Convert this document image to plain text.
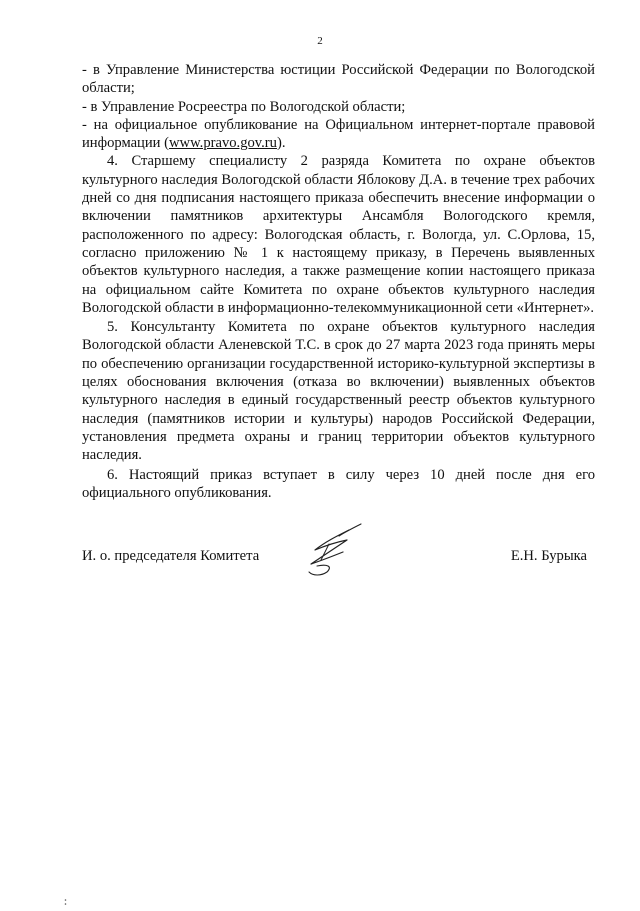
2

- в Управление Министерства юстиции Российской Федерации по Вологодской области;

- в Управление Росреестра по Вологодской области;

- на официальное опубликование на Официальном интернет-портале правовой информации (www.pravo.gov.ru).

4. Старшему специалисту 2 разряда Комитета по охране объектов культурного наследия Вологодской области Яблокову Д.А. в течение трех рабочих дней со дня подписания настоящего приказа обеспечить внесение информации о включении памятников архитектуры Ансамбля Вологодского кремля, расположенного по адресу: Вологодская область, г. Вологда, ул. С.Орлова, 15, согласно приложению № 1 к настоящему приказу, в Перечень выявленных объектов культурного наследия, а также размещение копии настоящего приказа на официальном сайте Комитета по охране объектов культурного наследия Вологодской области в информационно-телекоммуникационной сети «Интернет».

5. Консультанту Комитета по охране объектов культурного наследия Вологодской области Аленевской Т.С. в срок до 27 марта 2023 года принять меры по обеспечению организации государственной историко-культурной экспертизы в целях обоснования включения (отказа во включении) выявленных объектов культурного наследия в единый государственный реестр объектов культурного наследия (памятников истории и культуры) народов Российской Федерации, установления предмета охраны и границ территории объектов культурного наследия.

6. Настоящий приказ вступает в силу через 10 дней после дня его официального опубликования.

И. о. председателя Комитета	Е.Н. Бурыка
